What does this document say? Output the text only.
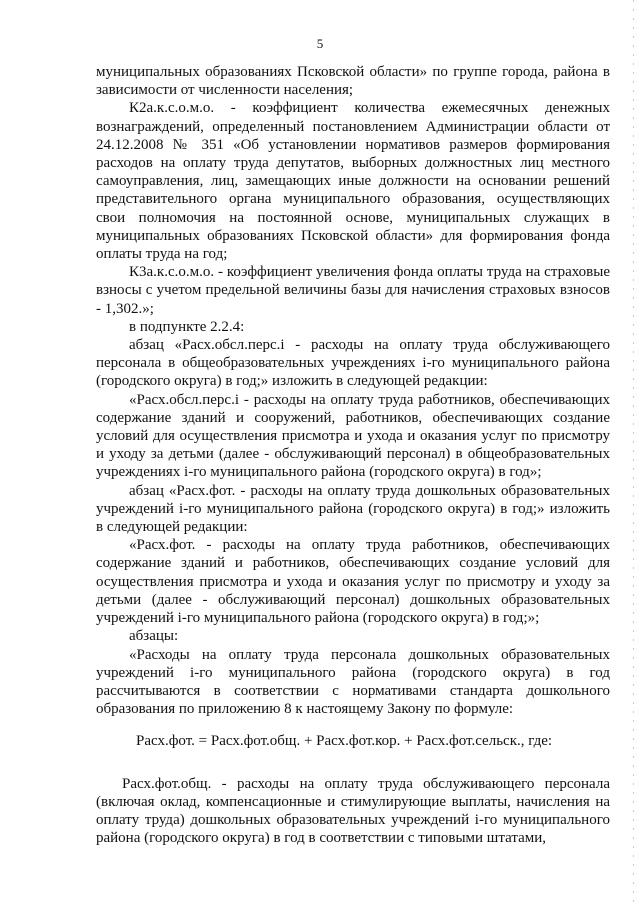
5

муниципальных образованиях Псковской области» по группе города, района в зависимости от численности населения;

К2а.к.с.о.м.о. - коэффициент количества ежемесячных денежных вознаграждений, определенный постановлением Администрации области от 24.12.2008 № 351 «Об установлении нормативов размеров формирования расходов на оплату труда депутатов, выборных должностных лиц местного самоуправления, лиц, замещающих иные должности на основании решений представительного органа муниципального образования, осуществляющих свои полномочия на постоянной основе, муниципальных служащих в муниципальных образованиях Псковской области» для формирования фонда оплаты труда на год;

К3а.к.с.о.м.о. - коэффициент увеличения фонда оплаты труда на страховые взносы с учетом предельной величины базы для начисления страховых взносов - 1,302.»;

в подпункте 2.2.4:

абзац «Расх.обсл.перс.i - расходы на оплату труда обслуживающего персонала в общеобразовательных учреждениях i-го муниципального района (городского округа) в год;» изложить в следующей редакции:

«Расх.обсл.перс.i - расходы на оплату труда работников, обеспечивающих содержание зданий и сооружений, работников, обеспечивающих создание условий для осуществления присмотра и ухода и оказания услуг по присмотру и уходу за детьми (далее - обслуживающий персонал) в общеобразовательных учреждениях i-го муниципального района (городского округа) в год»;

абзац «Расх.фот. - расходы на оплату труда дошкольных образовательных учреждений i-го муниципального района (городского округа) в год;» изложить в следующей редакции:

«Расх.фот. - расходы на оплату труда работников, обеспечивающих содержание зданий и работников, обеспечивающих создание условий для осуществления присмотра и ухода и оказания услуг по присмотру и уходу за детьми (далее - обслуживающий персонал) дошкольных образовательных учреждений i-го муниципального района (городского округа) в год;»;

абзацы:

«Расходы на оплату труда персонала дошкольных образовательных учреждений i-го муниципального района (городского округа) в год рассчитываются в соответствии с нормативами стандарта дошкольного образования по приложению 8 к настоящему Закону по формуле:

Расх.фот. = Расх.фот.общ. + Расх.фот.кор. + Расх.фот.сельск., где:

Расх.фот.общ. - расходы на оплату труда обслуживающего персонала (включая оклад, компенсационные и стимулирующие выплаты, начисления на оплату труда) дошкольных образовательных учреждений i-го муниципального района (городского округа) в год в соответствии с типовыми штатами,
